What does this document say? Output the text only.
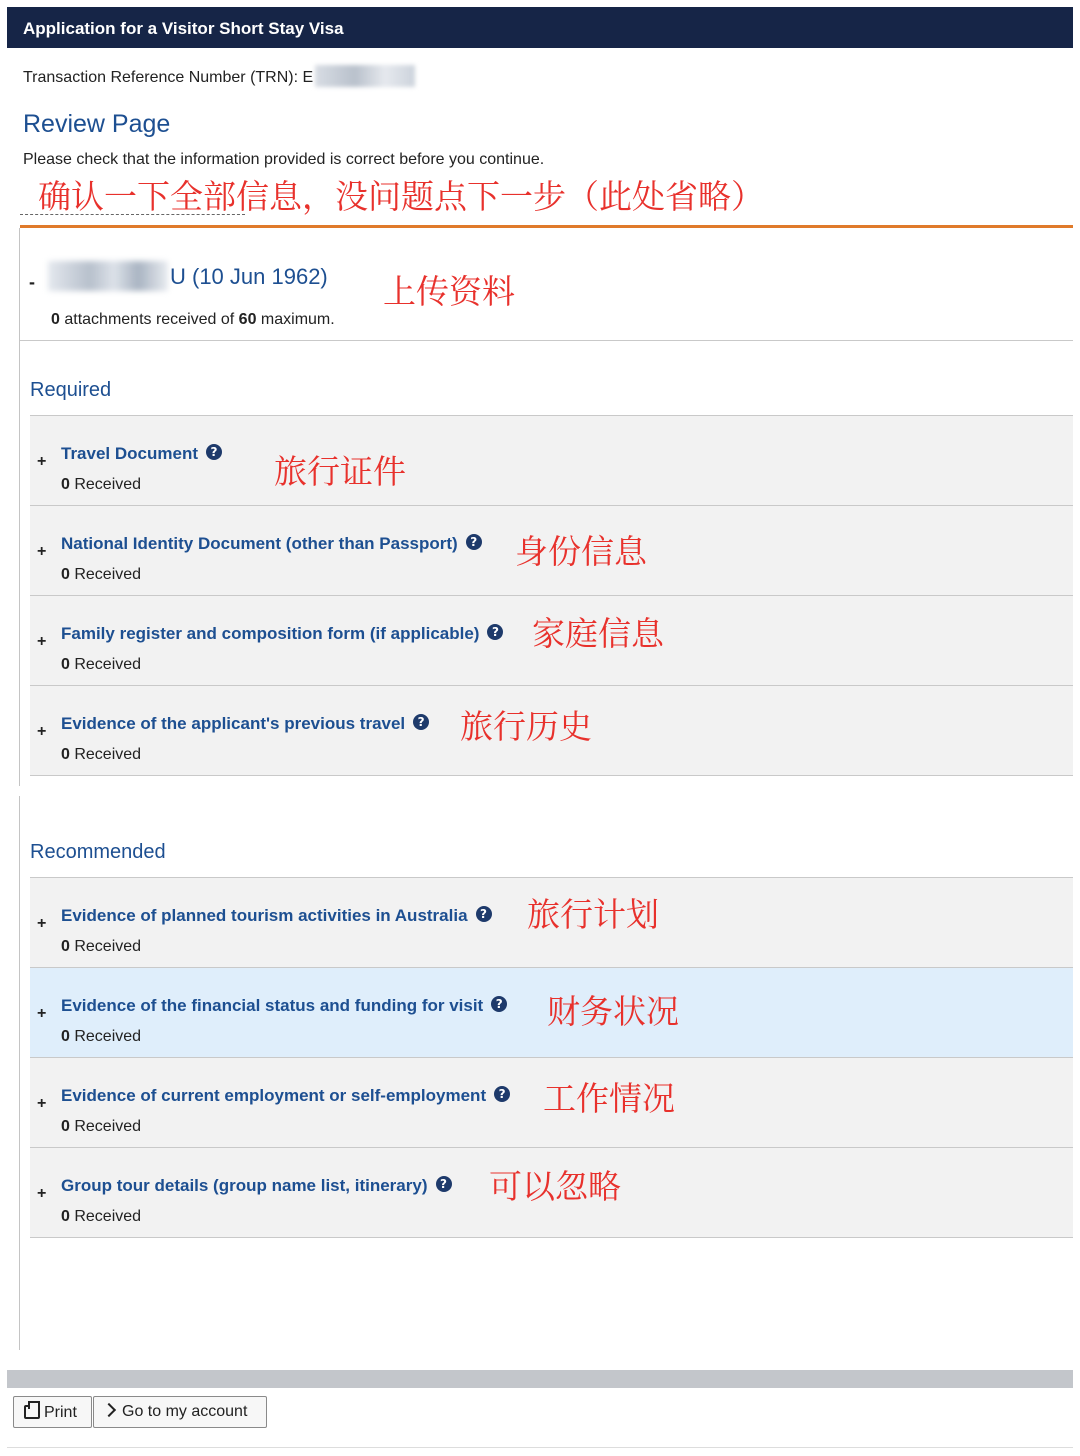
Application for a Visitor Short Stay Visa
Transaction Reference Number (TRN): E
Review Page
Please check that the information provided is correct before you continue.
确认一下全部信息，没问题点下一步（此处省略）
-	U (10 Jun 1962)
0 attachments received of 60 maximum.
上传资料
Required
+ Travel Document ?
0 Received	旅行证件
+ National Identity Document (other than Passport) ?
0 Received
身份信息
+ Family register and composition form (if applicable) ?
0 Received
家庭信息
+ Evidence of the applicant's previous travel ?
0 Received
旅行历史
Recommended
+ Evidence of planned tourism activities in Australia ?
0 Received
旅行计划
+ Evidence of the financial status and funding for visit ?
0 Received
财务状况
+ Evidence of current employment or self-employment ?
0 Received
工作情况
+ Group tour details (group name list, itinerary) ?
0 Received
可以忽略
Print	Go to my account
